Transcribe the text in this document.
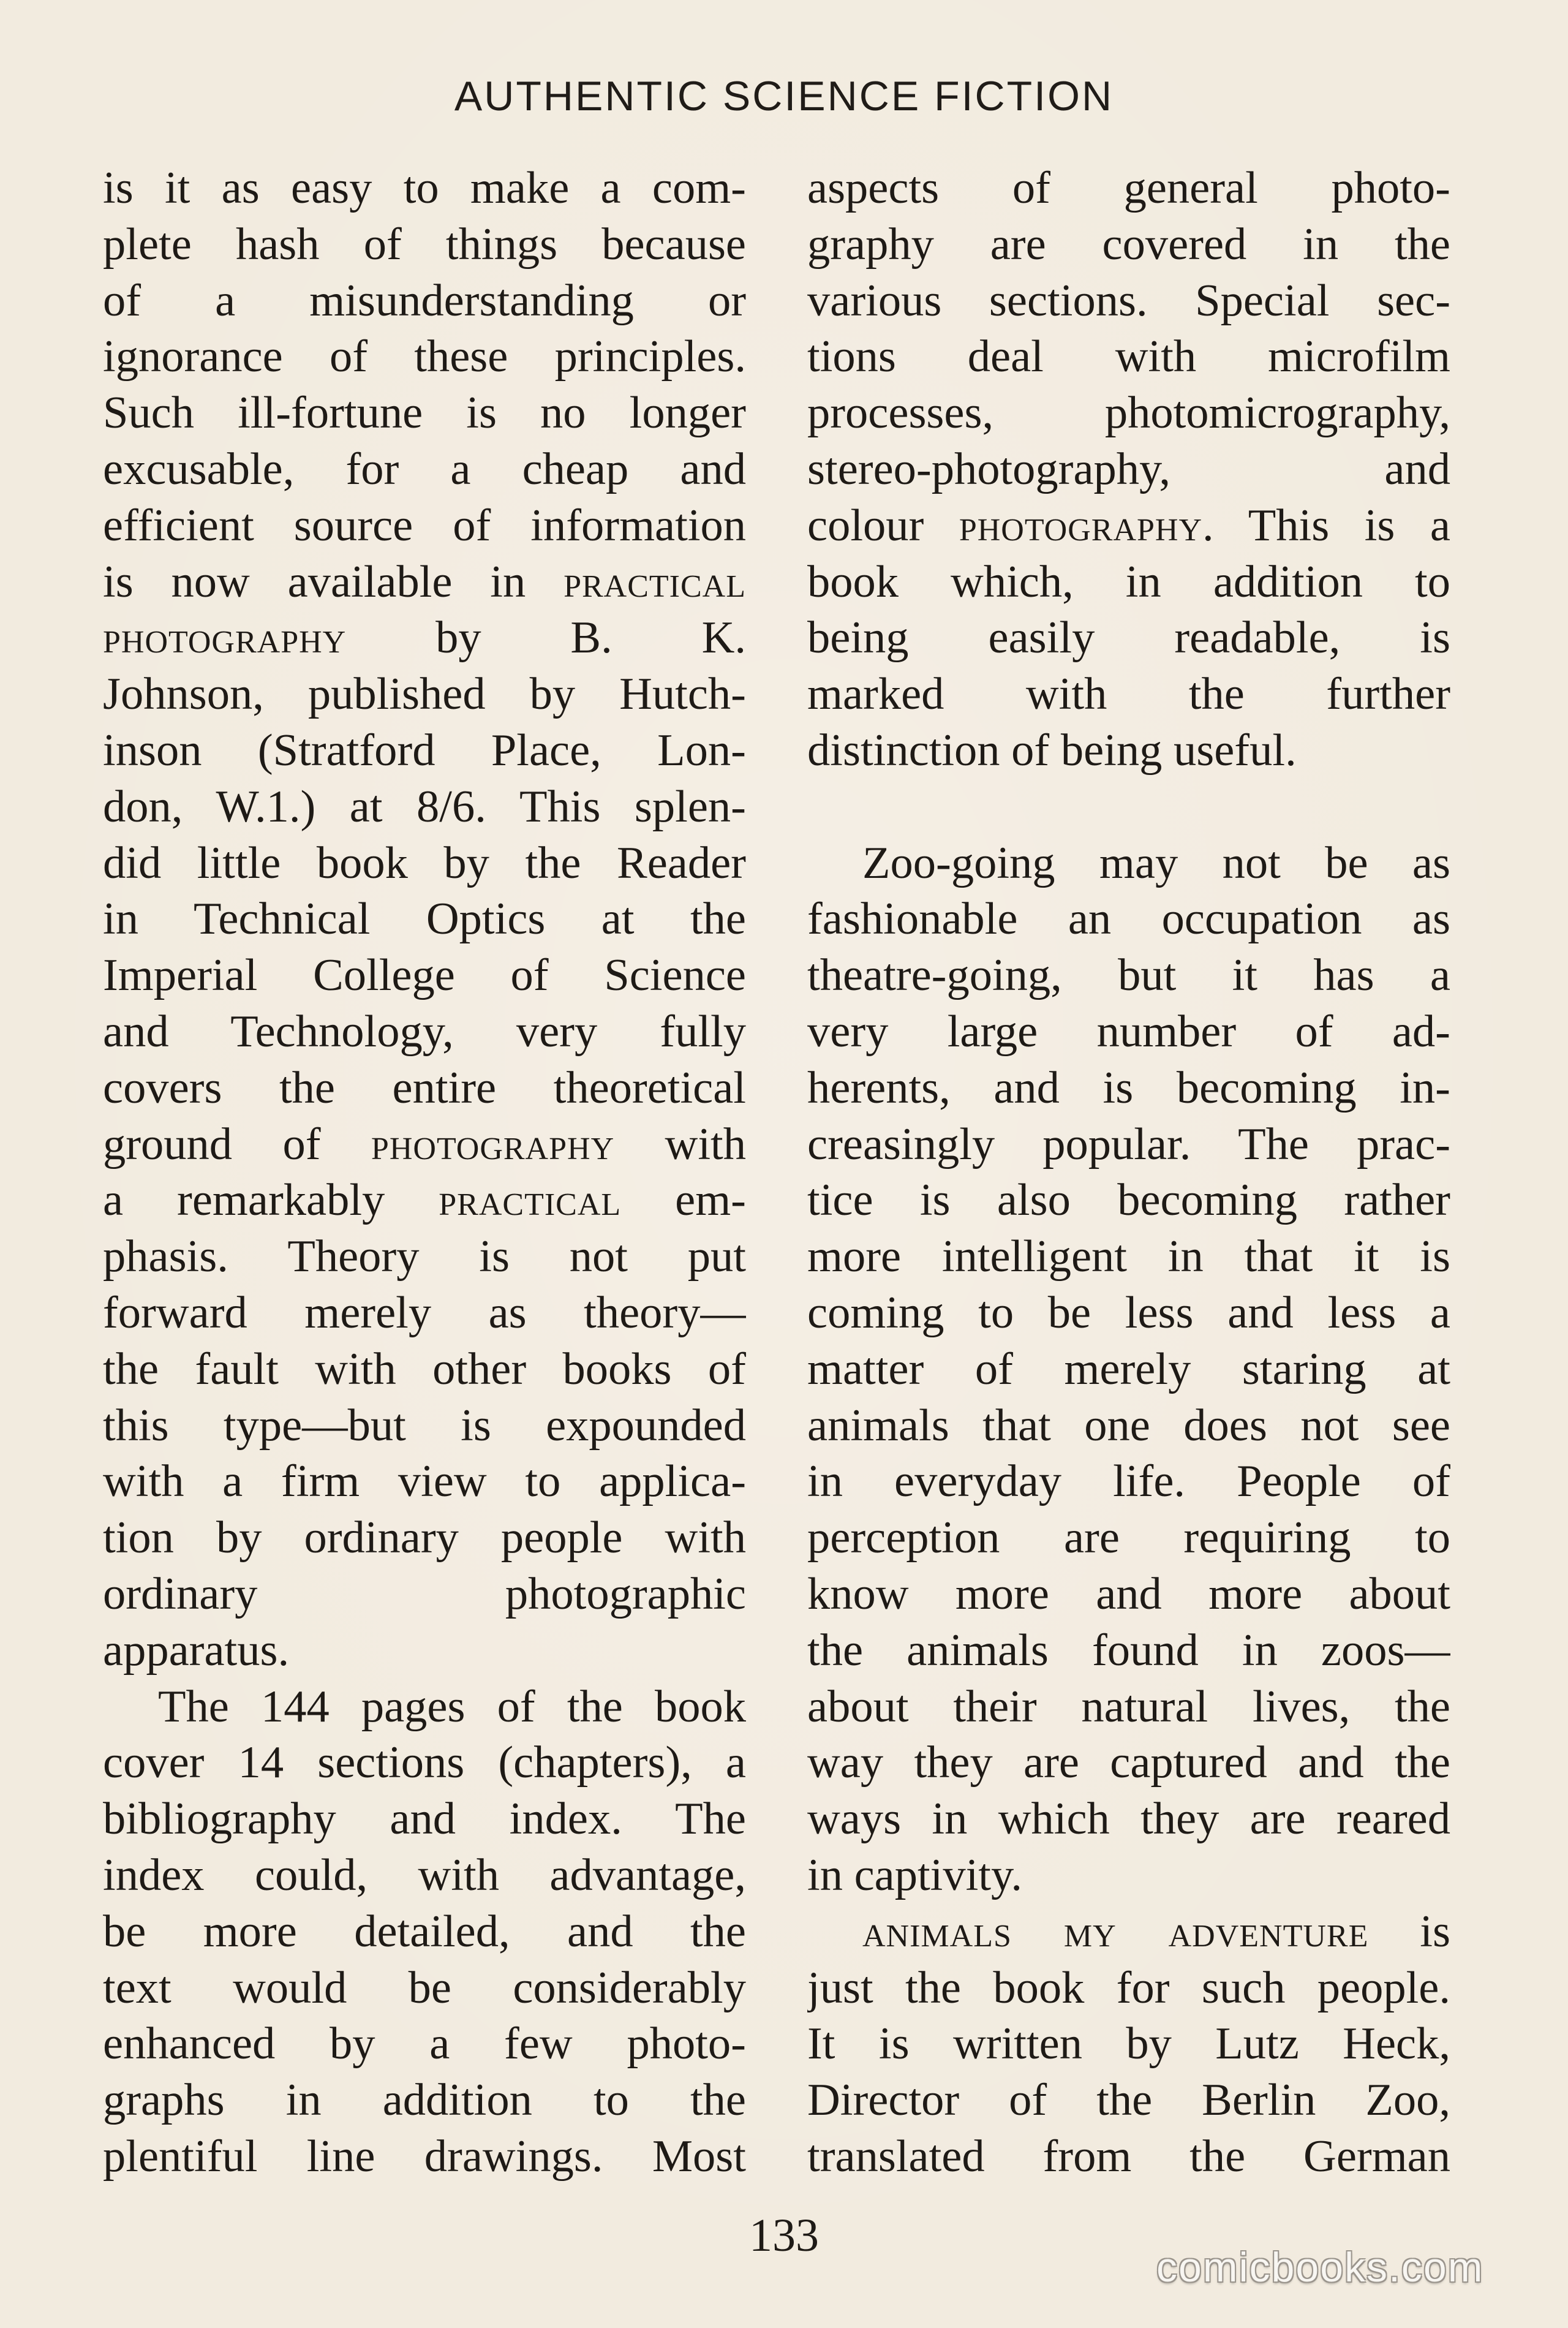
AUTHENTIC SCIENCE FICTION
is it as easy to make a com-
plete hash of things because
of a misunderstanding or
ignorance of these principles.
Such ill-fortune is no longer
excusable, for a cheap and
efficient source of information
is now available in practical
photography by B. K.
Johnson, published by Hutch-
inson (Stratford Place, Lon-
don, W.1.) at 8/6. This splen-
did little book by the Reader
in Technical Optics at the
Imperial College of Science
and Technology, very fully
covers the entire theoretical
ground of photography with
a remarkably practical em-
phasis. Theory is not put
forward merely as theory—
the fault with other books of
this type—but is expounded
with a firm view to applica-
tion by ordinary people with
ordinary photographic
apparatus.
The 144 pages of the book
cover 14 sections (chapters), a
bibliography and index. The
index could, with advantage,
be more detailed, and the
text would be considerably
enhanced by a few photo-
graphs in addition to the
plentiful line drawings. Most
aspects of general photo-
graphy are covered in the
various sections. Special sec-
tions deal with microfilm
processes, photomicrography,
stereo-photography, and
colour photography. This is a
book which, in addition to
being easily readable, is
marked with the further
distinction of being useful.

Zoo-going may not be as
fashionable an occupation as
theatre-going, but it has a
very large number of ad-
herents, and is becoming in-
creasingly popular. The prac-
tice is also becoming rather
more intelligent in that it is
coming to be less and less a
matter of merely staring at
animals that one does not see
in everyday life. People of
perception are requiring to
know more and more about
the animals found in zoos—
about their natural lives, the
way they are captured and the
ways in which they are reared
in captivity.
animals my adventure is
just the book for such people.
It is written by Lutz Heck,
Director of the Berlin Zoo,
translated from the German
133
comicbooks.com
